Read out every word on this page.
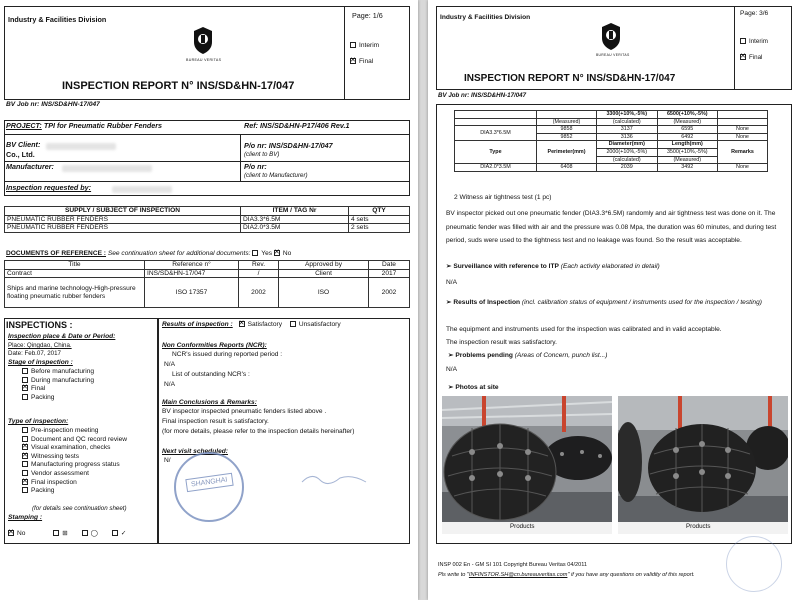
Industry & Facilities Division
BUREAU VERITAS
Page: 1/6
Interim
✕Final
INSPECTION REPORT N° INS/SD&HN-17/047
BV Job nr: INS/SD&HN-17/047
PROJECT: TPI for Pneumatic Rubber Fenders	Ref: INS/SD&HN-P17/406 Rev.1
BV Client:
Co., Ltd.
P/o nr: INS/SD&HN-17/047
(client to BV)
Manufacturer:	P/o nr:
(client to Manufacturer)
Inspection requested by:
SUPPLY / SUBJECT OF INSPECTION	ITEM / TAG Nr	QTY
PNEUMATIC RUBBER FENDERS	DIA3.3*6.5M	4 sets
PNEUMATIC RUBBER FENDERS	DIA2.0*3.5M	2 sets
DOCUMENTS OF REFERENCE : See continuation sheet for additional documents: Yes ✕ No
Title	Reference n°	Rev.	Approved by	Date
Contract	INS/SD&HN-17/047	/	Client	2017
Ships and marine technology-High-pressure floating pneumatic rubber fenders	ISO 17357	2002	ISO	2002
INSPECTIONS :
Inspection place & Date or Period:
Place: Qingdao, China.
Date: Feb.07, 2017
Stage of inspection :
Before manufacturing
During manufacturing
✕Final
Packing
Type of inspection:
Pre-inspection meeting
Document and QC record review
✕Visual examination, checks
✕Witnessing tests
Manufacturing progress status
Vendor assessment
✕Final inspection
Packing
(for details see continuation sheet)
Stamping :
✕No	⊞	◯	✓
Results of inspection : ✕ Satisfactory	Unsatisfactory
Non Conformities Reports (NCR):
NCR's issued during reported period :
N/A
List of outstanding NCR's :
N/A
Main Conclusions & Remarks:
BV inspector inspected pneumatic fenders listed above .
Final inspection result is satisfactory.
(for more details, please refer to the inspection details hereinafter)
Next visit scheduled:
N/
SHANGHAI
Industry & Facilities Division
BUREAU VERITAS
Page: 3/6
Interim
✕Final
INSPECTION REPORT N° INS/SD&HN-17/047
BV Job nr: INS/SD&HN-17/047
		3300(+10%,-5%)	6500(+10%,-5%)	
	(Measured)	(calculated)	(Measured)	
DIA3.3*6.5M	9858	3137	6595	None
	9852	3136	6492	None
Type	Perimeter(mm)	Diameter(mm)	Length(mm)	Remarks
		2000(+10%,-5%)	3500(+10%,-5%)	
		(calculated)	(Measured)	
DIA2.0*3.5M	6408	2039	3492	None
2 Witness air tightness test (1 pc)
BV inspector picked out one pneumatic fender (DIA3.3*6.5M) randomly and air tightness test was done on it. The pneumatic fender was filled with air and the pressure was 0.08 Mpa, the duration was 60 minutes, and during test period, suds were used to the tightness test and no leakage was found. So the result was acceptable.
➢ Surveillance with reference to ITP (Each activity elaborated in detail)
N/A
➢ Results of Inspection (incl. calibration status of equipment / instruments used for the inspection / testing)
The equipment and instruments used for the inspection was calibrated and in valid acceptable.
The inspection result was satisfactory.
➢ Problems pending (Areas of Concern, punch list...)
N/A
➢ Photos at site
Products	Products
INSP 002 En - GM SI 101 Copyright Bureau Veritas 04/2011
Pls write to "INFINSTOR.SH@cn.bureauveritas.com" if you have any questions on validity of this report.
